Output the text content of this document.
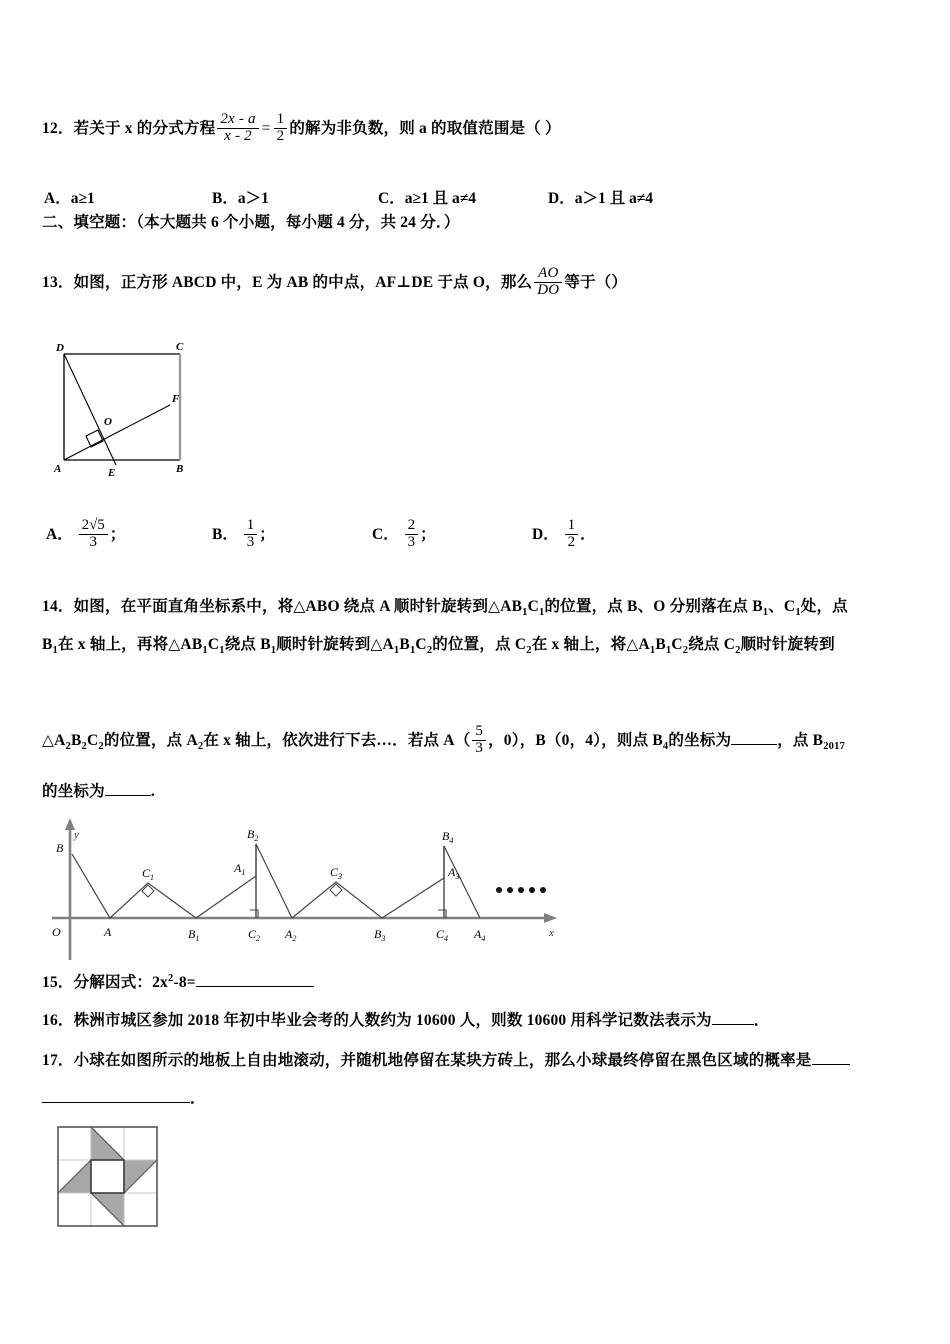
12．若关于 x 的分式方程 $\frac{2x - a}{x - 2} = \frac{1}{2}$ 的解为非负数，则 a 的取值范围是（ ）
A．a≥1	B．a＞1	C．a≥1 且 a≠4	D．a＞1 且 a≠4
二、填空题：（本大题共 6 个小题，每小题 4 分，共 24 分．）
13．如图，正方形 ABCD 中，E 为 AB 的中点，AF⊥DE 于点 O，那么 $\frac{AO}{DO}$ 等于（）
D	C
A	B
O
F
E
A． $\frac{2√5}{3}$ ；	B． $\frac{1}{3}$ ；	C． $\frac{2}{3}$ ；	D． $\frac{1}{2}$ ．
14．如图，在平面直角坐标系中，将△ABO 绕点 A 顺时针旋转到$\triangle AB_1C_1$的位置，点 B、O 分别落在点 $B_1$、$C_1$处，点
$B_1$在 x 轴上，再将$\triangle AB_1C_1$绕点 $B_1$顺时针旋转到$\triangle A_1B_1C_2$的位置，点 $C_2$在 x 轴上，将$\triangle A_1B_1C_2$绕点 $C_2$顺时针旋转到
$\triangle A_2B_2C_2$的位置，点 $A_2$在 x 轴上，依次进行下去…．若点 $A( \frac{5}{3}$ ，0），B（0，4），则点 $B_4$的坐标为	，点 $B_{2017}$
的坐标为	.
y
x
O
B
$C_1$
$A_1$
$B_2$
$C_3$	$A_3$
$B_4$
A	$B_1$	$C_2$ $A_2$	$B_3$	$C_4$ $A_4$
15．分解因式：$2x^2‐8=$
16．株洲市城区参加 2018 年初中毕业会考的人数约为 10600 人，则数 10600 用科学记数法表示为	．
17．小球在如图所示的地板上自由地滚动，并随机地停留在某块方砖上，那么小球最终停留在黑色区域的概率是
．
